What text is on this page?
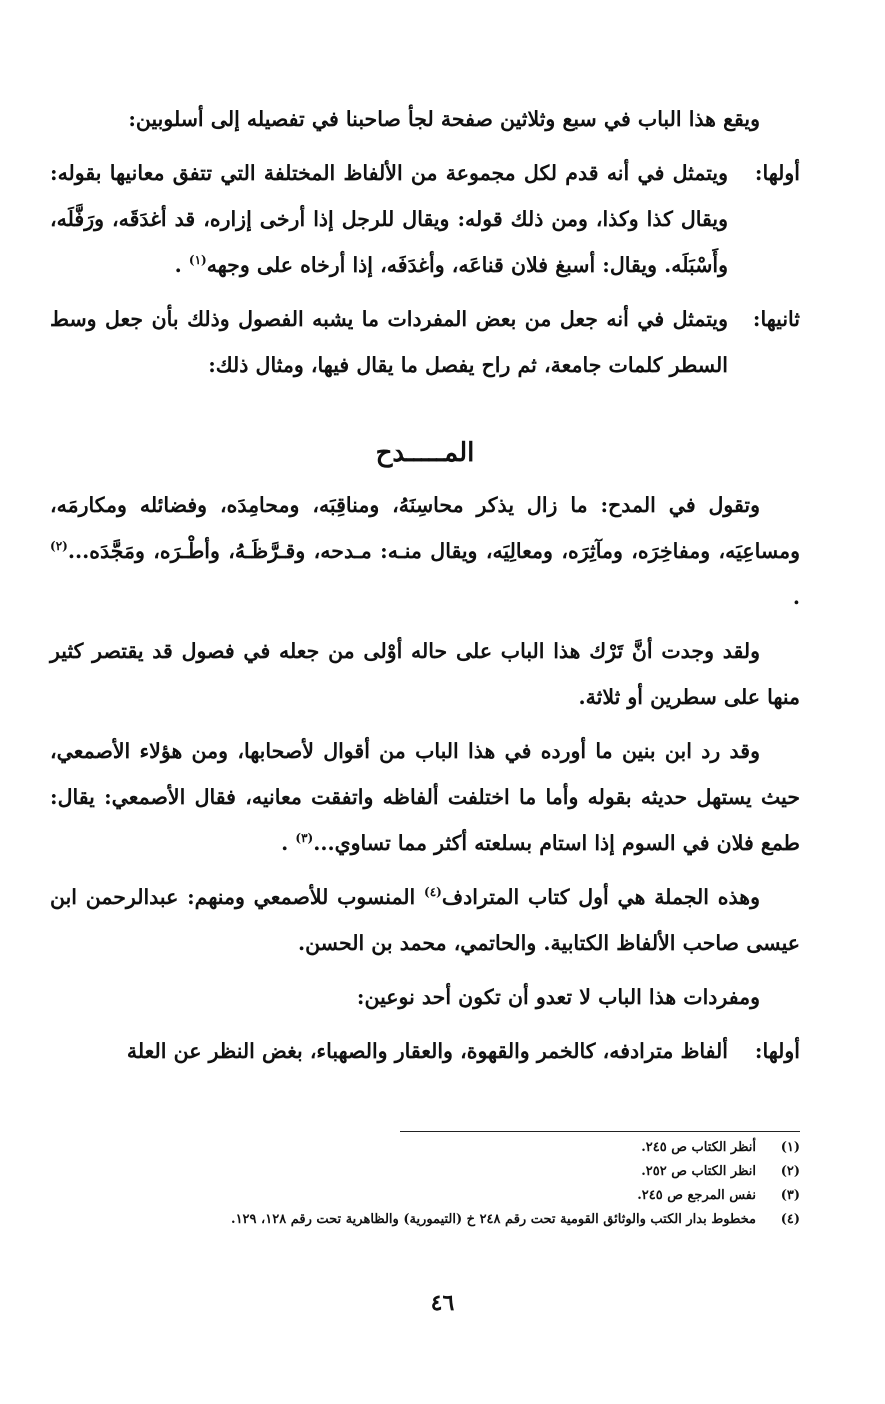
ويقع هذا الباب في سبع وثلاثين صفحة لجأ صاحبنا في تفصيله إلى أسلوبين:

أولها:
ويتمثل في أنه قدم لكل مجموعة من الألفاظ المختلفة التي تتفق معانيها بقوله: ويقال كذا وكذا، ومن ذلك قوله: ويقال للرجل إذا أرخى إزاره، قد أغدَقَه، ورَفَّلَه، وأَسْبَلَه. ويقال: أسبغ فلان قناعَه، وأغدَفَه، إذا أرخاه على وجهه$^{(١)}$ .
ثانيها:
ويتمثل في أنه جعل من بعض المفردات ما يشبه الفصول وذلك بأن جعل وسط السطر كلمات جامعة، ثم راح يفصل ما يقال فيها، ومثال ذلك:
المـــــدح

وتقول في المدح: ما زال يذكر محاسِنَهُ، ومناقِبَه، ومحامِدَه، وفضائله ومكارمَه، ومساعِيَه، ومفاخِرَه، ومآثِرَه، ومعالِيَه، ويقال منـه: مـدحه، وقـرَّظَـهُ، وأطْـرَه، ومَجَّدَه...$^{(٢)}$ .

ولقد وجدت أنَّ تَرْك هذا الباب على حاله أوْلى من جعله في فصول قد يقتصر كثير منها على سطرين أو ثلاثة.

وقد رد ابن بنين ما أورده في هذا الباب من أقوال لأصحابها، ومن هؤلاء الأصمعي، حيث يستهل حديثه بقوله وأما ما اختلفت ألفاظه واتفقت معانيه، فقال الأصمعي: يقال: طمع فلان في السوم إذا استام بسلعته أكثر مما تساوي...$^{(٣)}$ .

وهذه الجملة هي أول كتاب المترادف$^{(٤)}$ المنسوب للأصمعي ومنهم: عبدالرحمن ابن عيسى صاحب الألفاظ الكتابية. والحاتمي، محمد بن الحسن.

ومفردات هذا الباب لا تعدو أن تكون أحد نوعين:

أولها:
ألفاظ مترادفه، كالخمر والقهوة، والعقار والصهباء، بغض النظر عن العلة
(١)
أنظر الكتاب ص ٢٤٥.
(٢)
انظر الكتاب ص ٢٥٢.
(٣)
نفس المرجع ص ٢٤٥.
(٤)
مخطوط بدار الكتب والوثائق القومية تحت رقم ٢٤٨ خ (التيمورية) والظاهرية تحت رقم ١٢٨، ١٢٩.
٤٦
